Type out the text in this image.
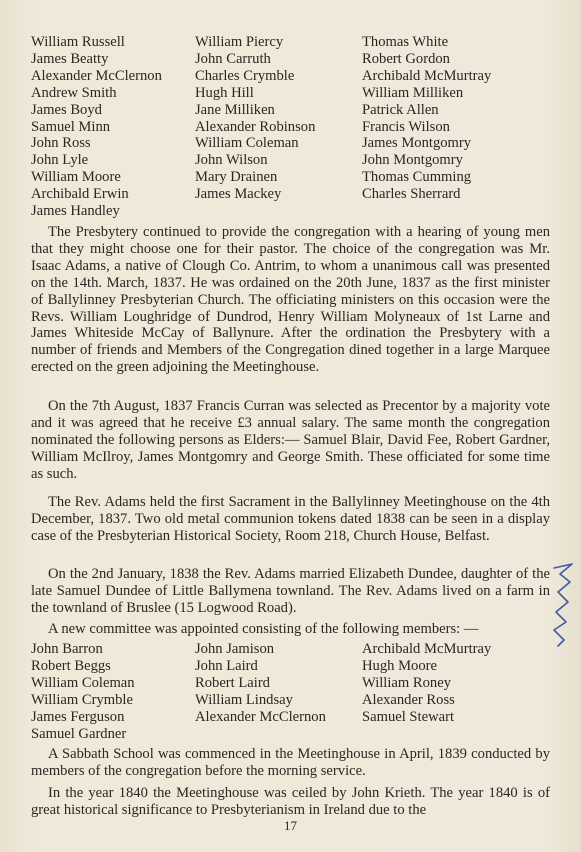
William Russell
James Beatty
Alexander McClernon
Andrew Smith
James Boyd
Samuel Minn
John Ross
John Lyle
William Moore
Archibald Erwin
James Handley
William Piercy
John Carruth
Charles Crymble
Hugh Hill
Jane Milliken
Alexander Robinson
William Coleman
John Wilson
Mary Drainen
James Mackey
Thomas White
Robert Gordon
Archibald McMurtray
William Milliken
Patrick Allen
Francis Wilson
James Montgomry
John Montgomry
Thomas Cumming
Charles Sherrard

The Presbytery continued to provide the congregation with a hearing of young men that they might choose one for their pastor. The choice of the congregation was Mr. Isaac Adams, a native of Clough Co. Antrim, to whom a unanimous call was presented on the 14th. March, 1837. He was ordained on the 20th June, 1837 as the first minister of Ballylinney Presbyterian Church. The officiating ministers on this occasion were the Revs. William Loughridge of Dundrod, Henry William Molyneaux of 1st Larne and James Whiteside McCay of Ballynure. After the ordination the Presbytery with a number of friends and Members of the Congregation dined together in a large Marquee erected on the green adjoining the Meetinghouse.

On the 7th August, 1837 Francis Curran was selected as Precentor by a majority vote and it was agreed that he receive £3 annual salary. The same month the congregation nominated the following persons as Elders:— Samuel Blair, David Fee, Robert Gardner, William McIlroy, James Montgomry and George Smith. These officiated for some time as such.

The Rev. Adams held the first Sacrament in the Ballylinney Meetinghouse on the 4th December, 1837. Two old metal communion tokens dated 1838 can be seen in a display case of the Presbyterian Historical Society, Room 218, Church House, Belfast.

On the 2nd January, 1838 the Rev. Adams married Elizabeth Dundee, daughter of the late Samuel Dundee of Little Ballymena townland. The Rev. Adams lived on a farm in the townland of Bruslee (15 Logwood Road).

A new committee was appointed consisting of the following members: —

John Barron
Robert Beggs
William Coleman
William Crymble
James Ferguson
Samuel Gardner
John Jamison
John Laird
Robert Laird
William Lindsay
Alexander McClernon
Archibald McMurtray
Hugh Moore
William Roney
Alexander Ross
Samuel Stewart

A Sabbath School was commenced in the Meetinghouse in April, 1839 conducted by members of the congregation before the morning service.

In the year 1840 the Meetinghouse was ceiled by John Krieth. The year 1840 is of great historical significance to Presbyterianism in Ireland due to the

17
